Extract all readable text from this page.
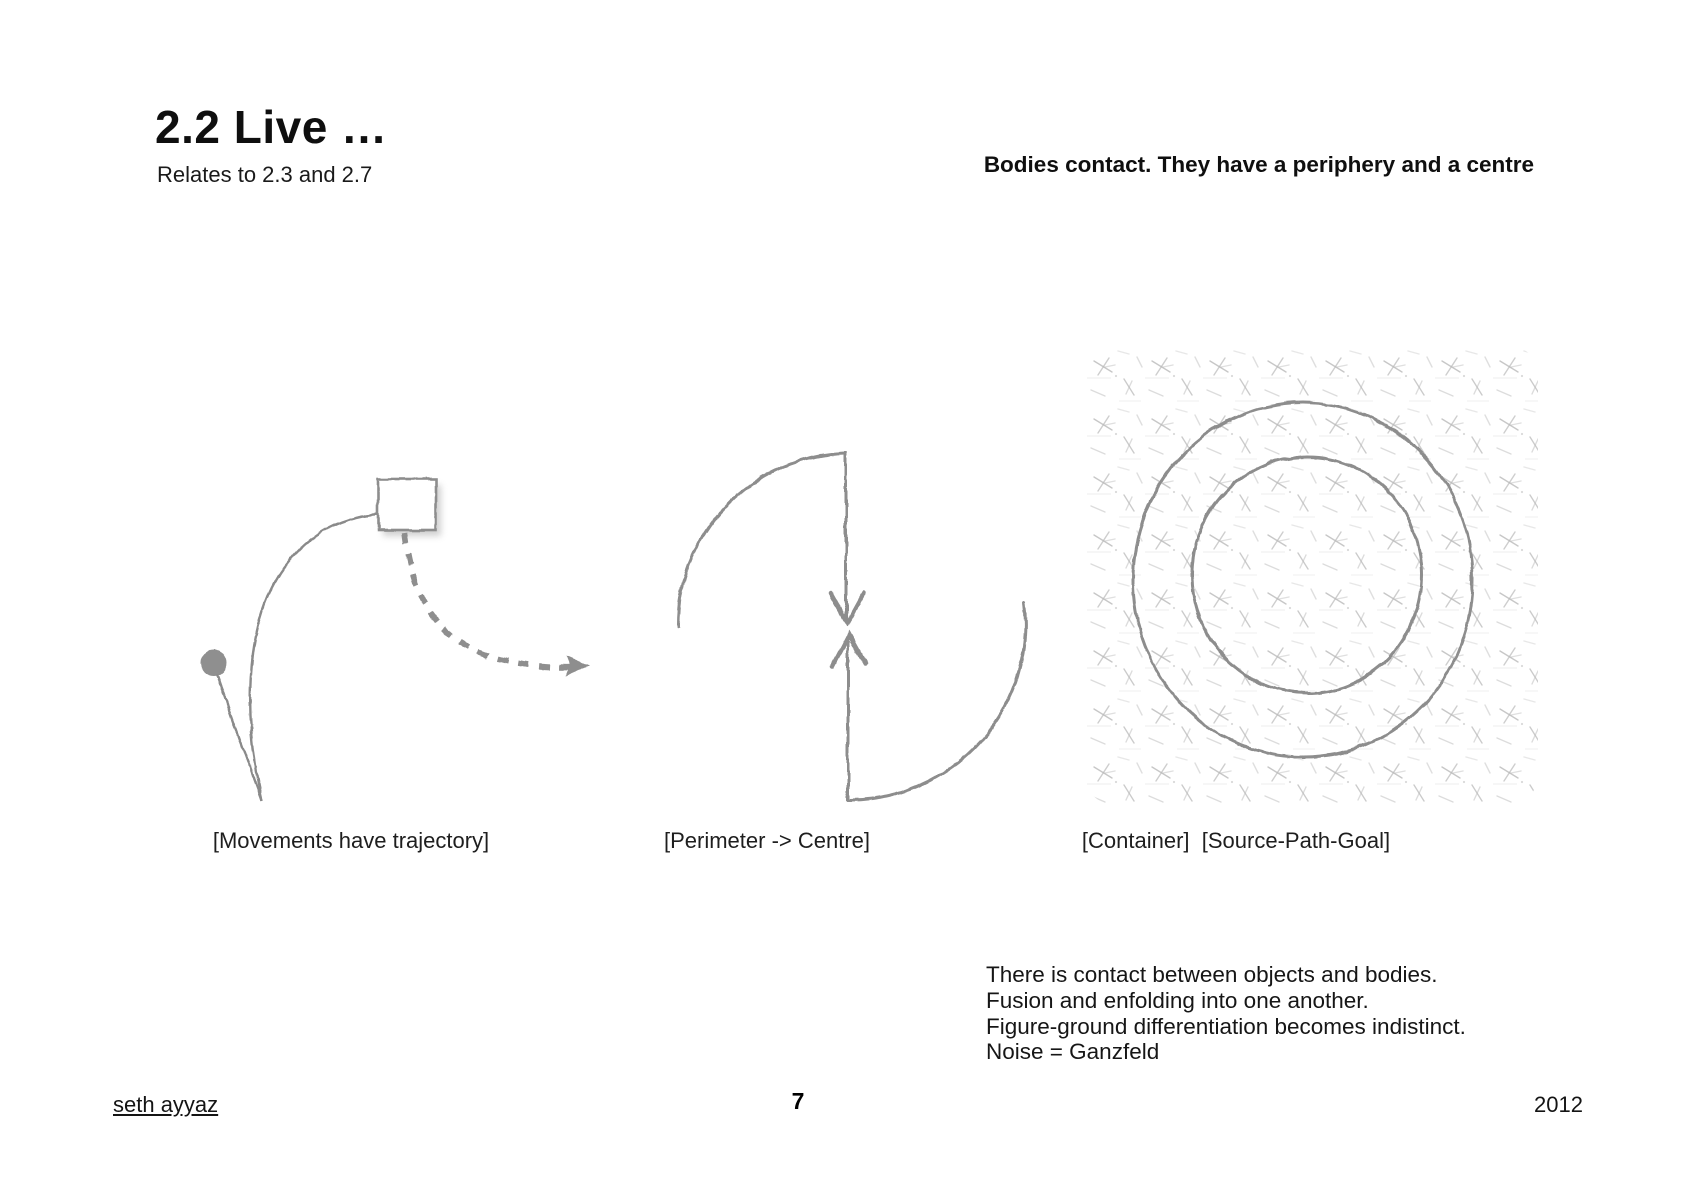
2.2 Live …
Relates to 2.3 and 2.7	Bodies contact. They have a periphery and a centre
[Movements have trajectory]	[Perimeter -> Centre]	[Container]  [Source-Path-Goal]
There is contact between objects and bodies.
Fusion and enfolding into one another.
Figure-ground differentiation becomes indistinct.
Noise = Ganzfeld
seth ayyaz	7	2012
